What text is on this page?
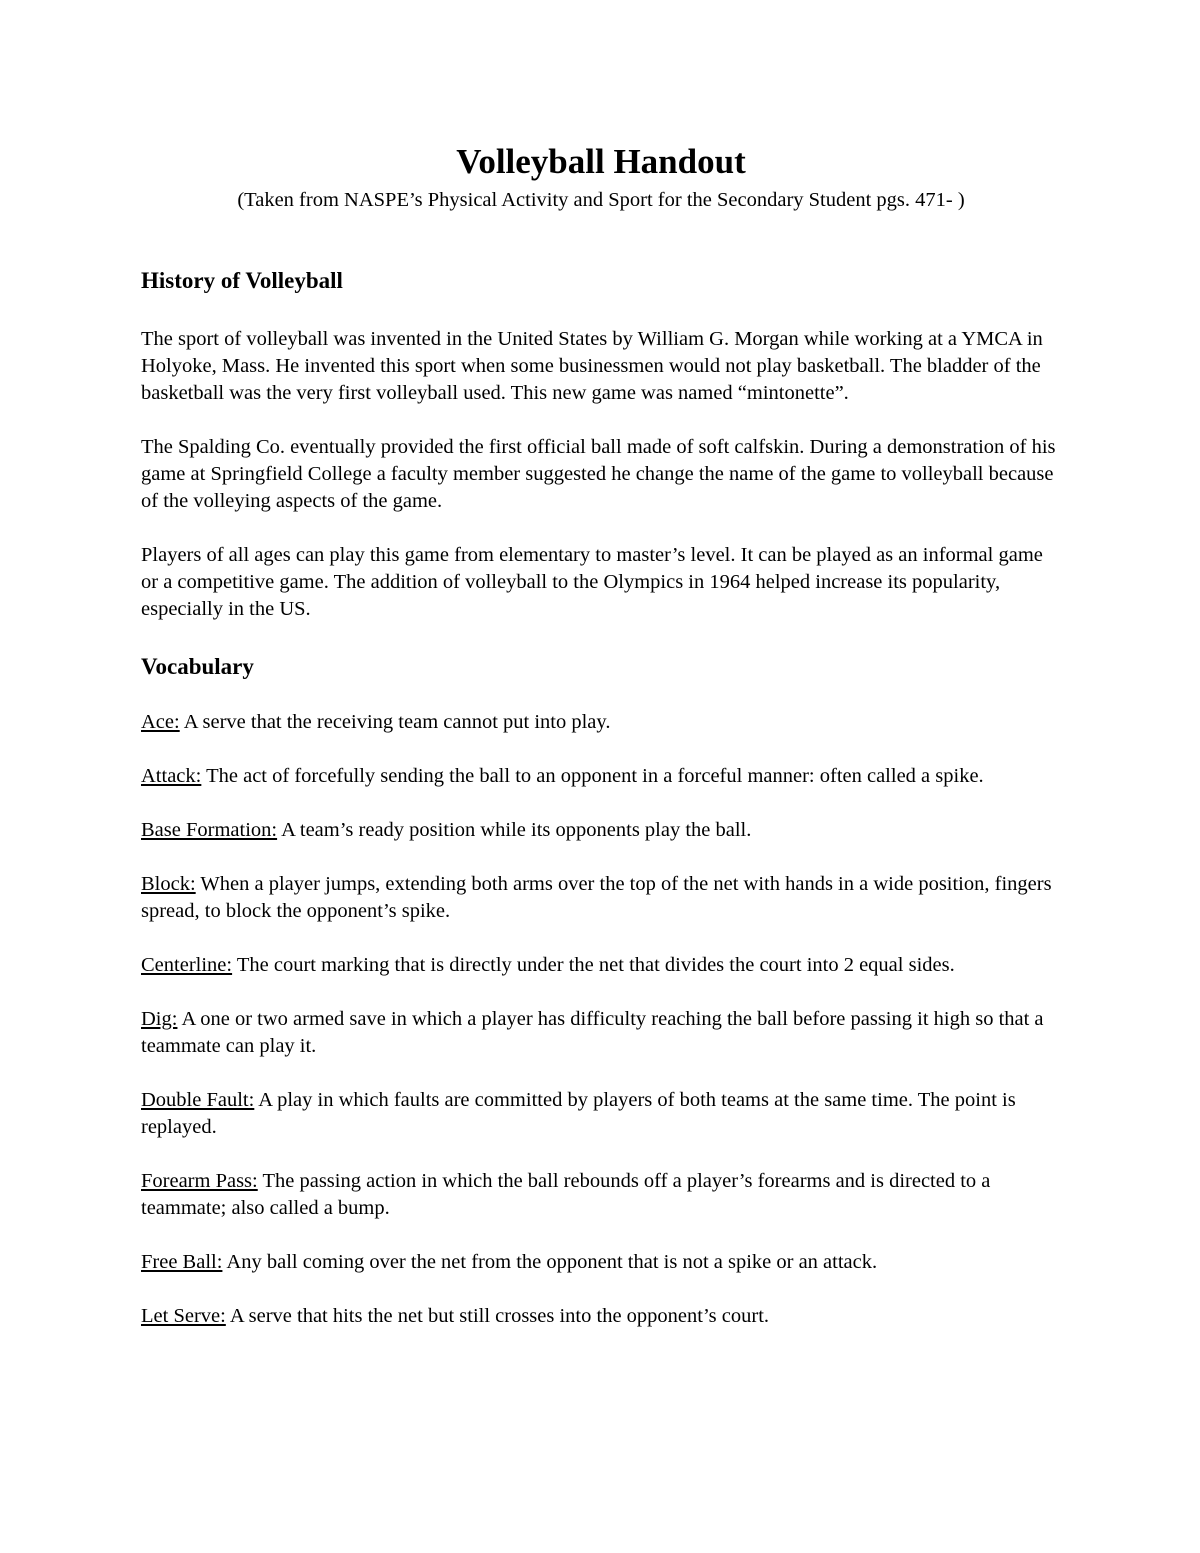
Volleyball Handout

(Taken from NASPE’s Physical Activity and Sport for the Secondary Student pgs. 471- )

History of Volleyball

The sport of volleyball was invented in the United States by William G. Morgan while working at a YMCA in Holyoke, Mass. He invented this sport when some businessmen would not play basketball. The bladder of the basketball was the very first volleyball used. This new game was named “mintonette”.

The Spalding Co. eventually provided the first official ball made of soft calfskin. During a demonstration of his game at Springfield College a faculty member suggested he change the name of the game to volleyball because of the volleying aspects of the game.

Players of all ages can play this game from elementary to master’s level. It can be played as an informal game or a competitive game. The addition of volleyball to the Olympics in 1964 helped increase its popularity, especially in the US.

Vocabulary

Ace: A serve that the receiving team cannot put into play.

Attack: The act of forcefully sending the ball to an opponent in a forceful manner: often called a spike.

Base Formation: A team’s ready position while its opponents play the ball.

Block: When a player jumps, extending both arms over the top of the net with hands in a wide position, fingers spread, to block the opponent’s spike.

Centerline: The court marking that is directly under the net that divides the court into 2 equal sides.

Dig: A one or two armed save in which a player has difficulty reaching the ball before passing it high so that a teammate can play it.

Double Fault: A play in which faults are committed by players of both teams at the same time. The point is replayed.

Forearm Pass: The passing action in which the ball rebounds off a player’s forearms and is directed to a teammate; also called a bump.

Free Ball: Any ball coming over the net from the opponent that is not a spike or an attack.

Let Serve: A serve that hits the net but still crosses into the opponent’s court.
